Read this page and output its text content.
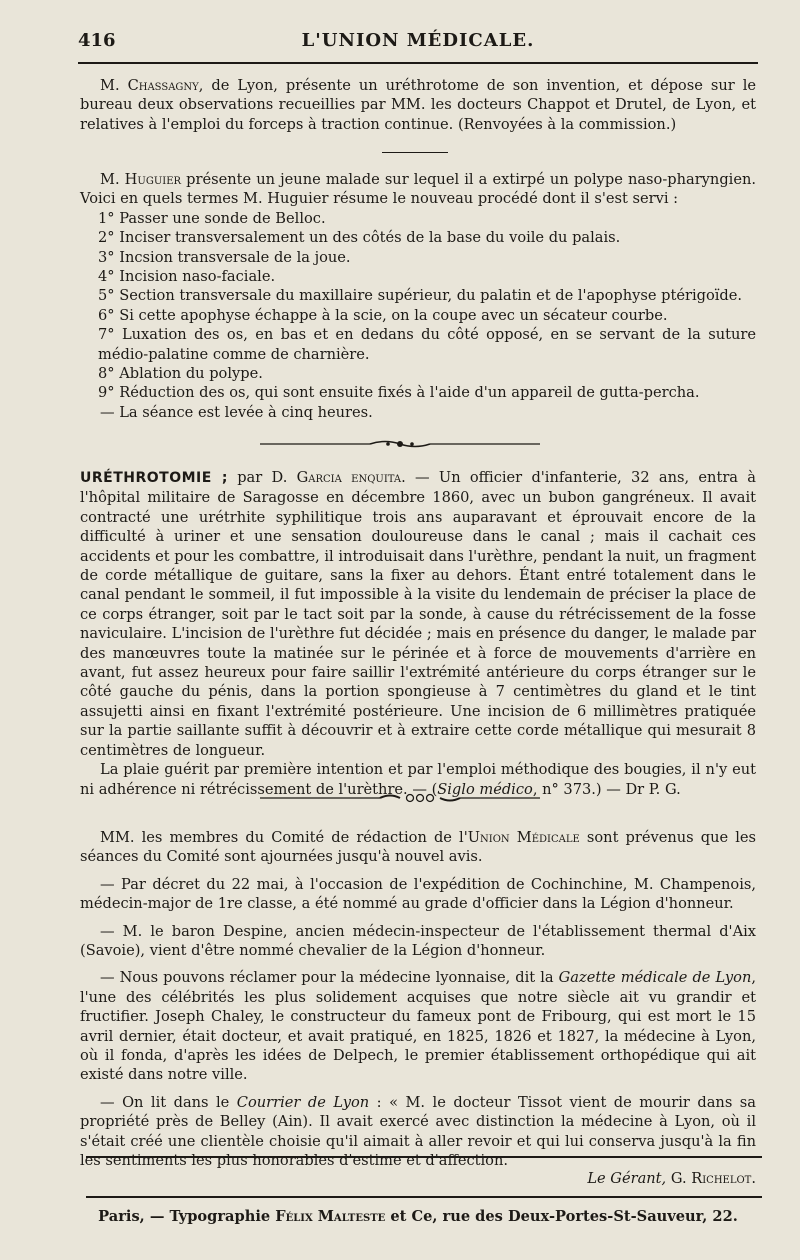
416	L'UNION MÉDICALE.

M. Chassagny, de Lyon, présente un uréthrotome de son invention, et dépose sur le bureau deux observations recueillies par MM. les docteurs Chappot et Drutel, de Lyon, et relatives à l'emploi du forceps à traction continue. (Renvoyées à la commission.)

M. Huguier présente un jeune malade sur lequel il a extirpé un polype naso-pharyngien. Voici en quels termes M. Huguier résume le nouveau procédé dont il s'est servi :

1° Passer une sonde de Belloc.
2° Inciser transversalement un des côtés de la base du voile du palais.
3° Incsion transversale de la joue.
4° Incision naso-faciale.
5° Section transversale du maxillaire supérieur, du palatin et de l'apophyse ptérigoïde.
6° Si cette apophyse échappe à la scie, on la coupe avec un sécateur courbe.
7° Luxation des os, en bas et en dedans du côté opposé, en se servant de la suture médio-palatine comme de charnière.
8° Ablation du polype.
9° Réduction des os, qui sont ensuite fixés à l'aide d'un appareil de gutta-percha.

— La séance est levée à cinq heures.

URÉTHROTOMIE ; par D. Garcia enquita. — Un officier d'infanterie, 32 ans, entra à l'hôpital militaire de Saragosse en décembre 1860, avec un bubon gangréneux. Il avait contracté une urétrhite syphilitique trois ans auparavant et éprouvait encore de la difficulté à uriner et une sensation douloureuse dans le canal ; mais il cachait ces accidents et pour les combattre, il introduisait dans l'urèthre, pendant la nuit, un fragment de corde métallique de guitare, sans la fixer au dehors. Étant entré totalement dans le canal pendant le sommeil, il fut impossible à la visite du lendemain de préciser la place de ce corps étranger, soit par le tact soit par la sonde, à cause du rétrécissement de la fosse naviculaire. L'incision de l'urèthre fut décidée ; mais en présence du danger, le malade par des manœuvres toute la matinée sur le périnée et à force de mouvements d'arrière en avant, fut assez heureux pour faire saillir l'extrémité antérieure du corps étranger sur le côté gauche du pénis, dans la portion spongieuse à 7 centimètres du gland et le tint assujetti ainsi en fixant l'extrémité postérieure. Une incision de 6 millimètres pratiquée sur la partie saillante suffit à découvrir et à extraire cette corde métallique qui mesurait 8 centimètres de longueur.

La plaie guérit par première intention et par l'emploi méthodique des bougies, il n'y eut ni adhérence ni rétrécissement de l'urèthre. — (Siglo médico, n° 373.) — Dr P. G.

MM. les membres du Comité de rédaction de l'Union Médicale sont prévenus que les séances du Comité sont ajournées jusqu'à nouvel avis.

— Par décret du 22 mai, à l'occasion de l'expédition de Cochinchine, M. Champenois, médecin-major de 1re classe, a été nommé au grade d'officier dans la Légion d'honneur.

— M. le baron Despine, ancien médecin-inspecteur de l'établissement thermal d'Aix (Savoie), vient d'être nommé chevalier de la Légion d'honneur.

— Nous pouvons réclamer pour la médecine lyonnaise, dit la Gazette médicale de Lyon, l'une des célébrités les plus solidement acquises que notre siècle ait vu grandir et fructifier. Joseph Chaley, le constructeur du fameux pont de Fribourg, qui est mort le 15 avril dernier, était docteur, et avait pratiqué, en 1825, 1826 et 1827, la médecine à Lyon, où il fonda, d'après les idées de Delpech, le premier établissement orthopédique qui ait existé dans notre ville.

— On lit dans le Courrier de Lyon : « M. le docteur Tissot vient de mourir dans sa propriété près de Belley (Ain). Il avait exercé avec distinction la médecine à Lyon, où il s'était créé une clientèle choisie qu'il aimait à aller revoir et qui lui conserva jusqu'à la fin les sentiments les plus honorables d'estime et d'affection.

Le Gérant, G. Richelot.
Paris, — Typographie Félix Malteste et Ce, rue des Deux-Portes-St-Sauveur, 22.
